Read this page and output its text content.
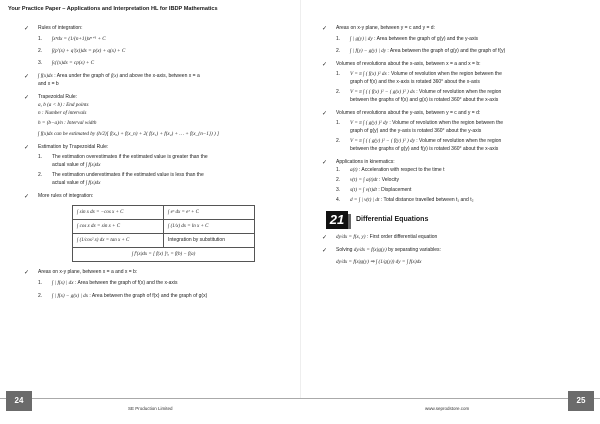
Your Practice Paper – Applications and Interpretation HL for IBDP Mathematics
✓	Rules of integration:
1. ∫xⁿdx = (1/(n+1))xⁿ⁺¹ + C
2. ∫(p′(x) + q′(x))dx = p(x) + q(x) + C
3. ∫q′(x)dx = cp(x) + C
✓	∫ f(x)dx : Area under the graph of f(x) and above the x-axis, between x = a
and x = b
✓	Trapezoidal Rule:
a, b (a < b) : End points
n : Number of intervals
h = (b−a)/n : Interval width
∫ f(x)dx can be estimated by (h/2)[ f(x₀) + f(x_n) + 2( f(x₁) + f(x₂) + … + f(x_{n−1}) ) ]
✓	Estimation by Trapezoidal Rule:
1. The estimation overestimates if the estimated value is greater than the
actual value of ∫ f(x)dx
2. The estimation underestimates if the estimated value is less than the
actual value of ∫ f(x)dx
✓	More rules of integration:
∫ sin x dx = −cos x + C	∫ eˣ dx = eˣ + C
∫ cos x dx = sin x + C	∫ (1/x) dx = ln x + C
∫ (1/cos² x) dx = tan x + C	Integration by substitution
∫ f′(x)dx = [ f(x) ]ᵇₐ = f(b) − f(a)	
✓	Areas on x-y plane, between x = a and x = b:
1. ∫ | f(x) | dx : Area between the graph of f(x) and the x-axis
2. ∫ | f(x) − g(x) | dx : Area between the graph of f(x) and the graph of g(x)
✓	Areas on x-y plane, between y = c and y = d:
1. ∫ | g(y) | dy : Area between the graph of g(y) and the y-axis
2. ∫ | f(y) − g(y) | dy : Area between the graph of g(y) and the graph of f(y)
✓	Volumes of revolutions about the x-axis, between x = a and x = b:
1. V = π ∫ ( f(x) )² dx : Volume of revolution when the region between the
graph of f(x) and the x-axis is rotated 360° about the x-axis
2. V = π ∫ ( ( f(x) )² − ( g(x) )² ) dx : Volume of revolution when the region
between the graphs of f(x) and g(x) is rotated 360° about the x-axis
✓	Volumes of revolutions about the y-axis, between y = c and y = d:
1. V = π ∫ ( g(y) )² dy : Volume of revolution when the region between the
graph of g(y) and the y-axis is rotated 360° about the y-axis
2. V = π ∫ ( ( g(y) )² − ( f(y) )² ) dy : Volume of revolution when the region
between the graphs of g(y) and f(y) is rotated 360° about the x-axis
✓	Applications in kinematics:
1. a(t) : Acceleration with respect to the time t
2. v(t) = ∫ a(t)dt : Velocity
3. s(t) = ∫ v(t)dt : Displacement
4. d = ∫ | v(t) | dt : Total distance travelled between t₁ and t₂
21	Differential Equations
✓	dy/dx = f(x, y) : First order differential equation
✓	Solving dy/dx = f(x)g(y) by separating variables:
dy/dx = f(x)g(y) ⇒ ∫ (1/g(y)) dy = ∫ f(x)dx
24	25
SE Production Limited	www.seprodstore.com
